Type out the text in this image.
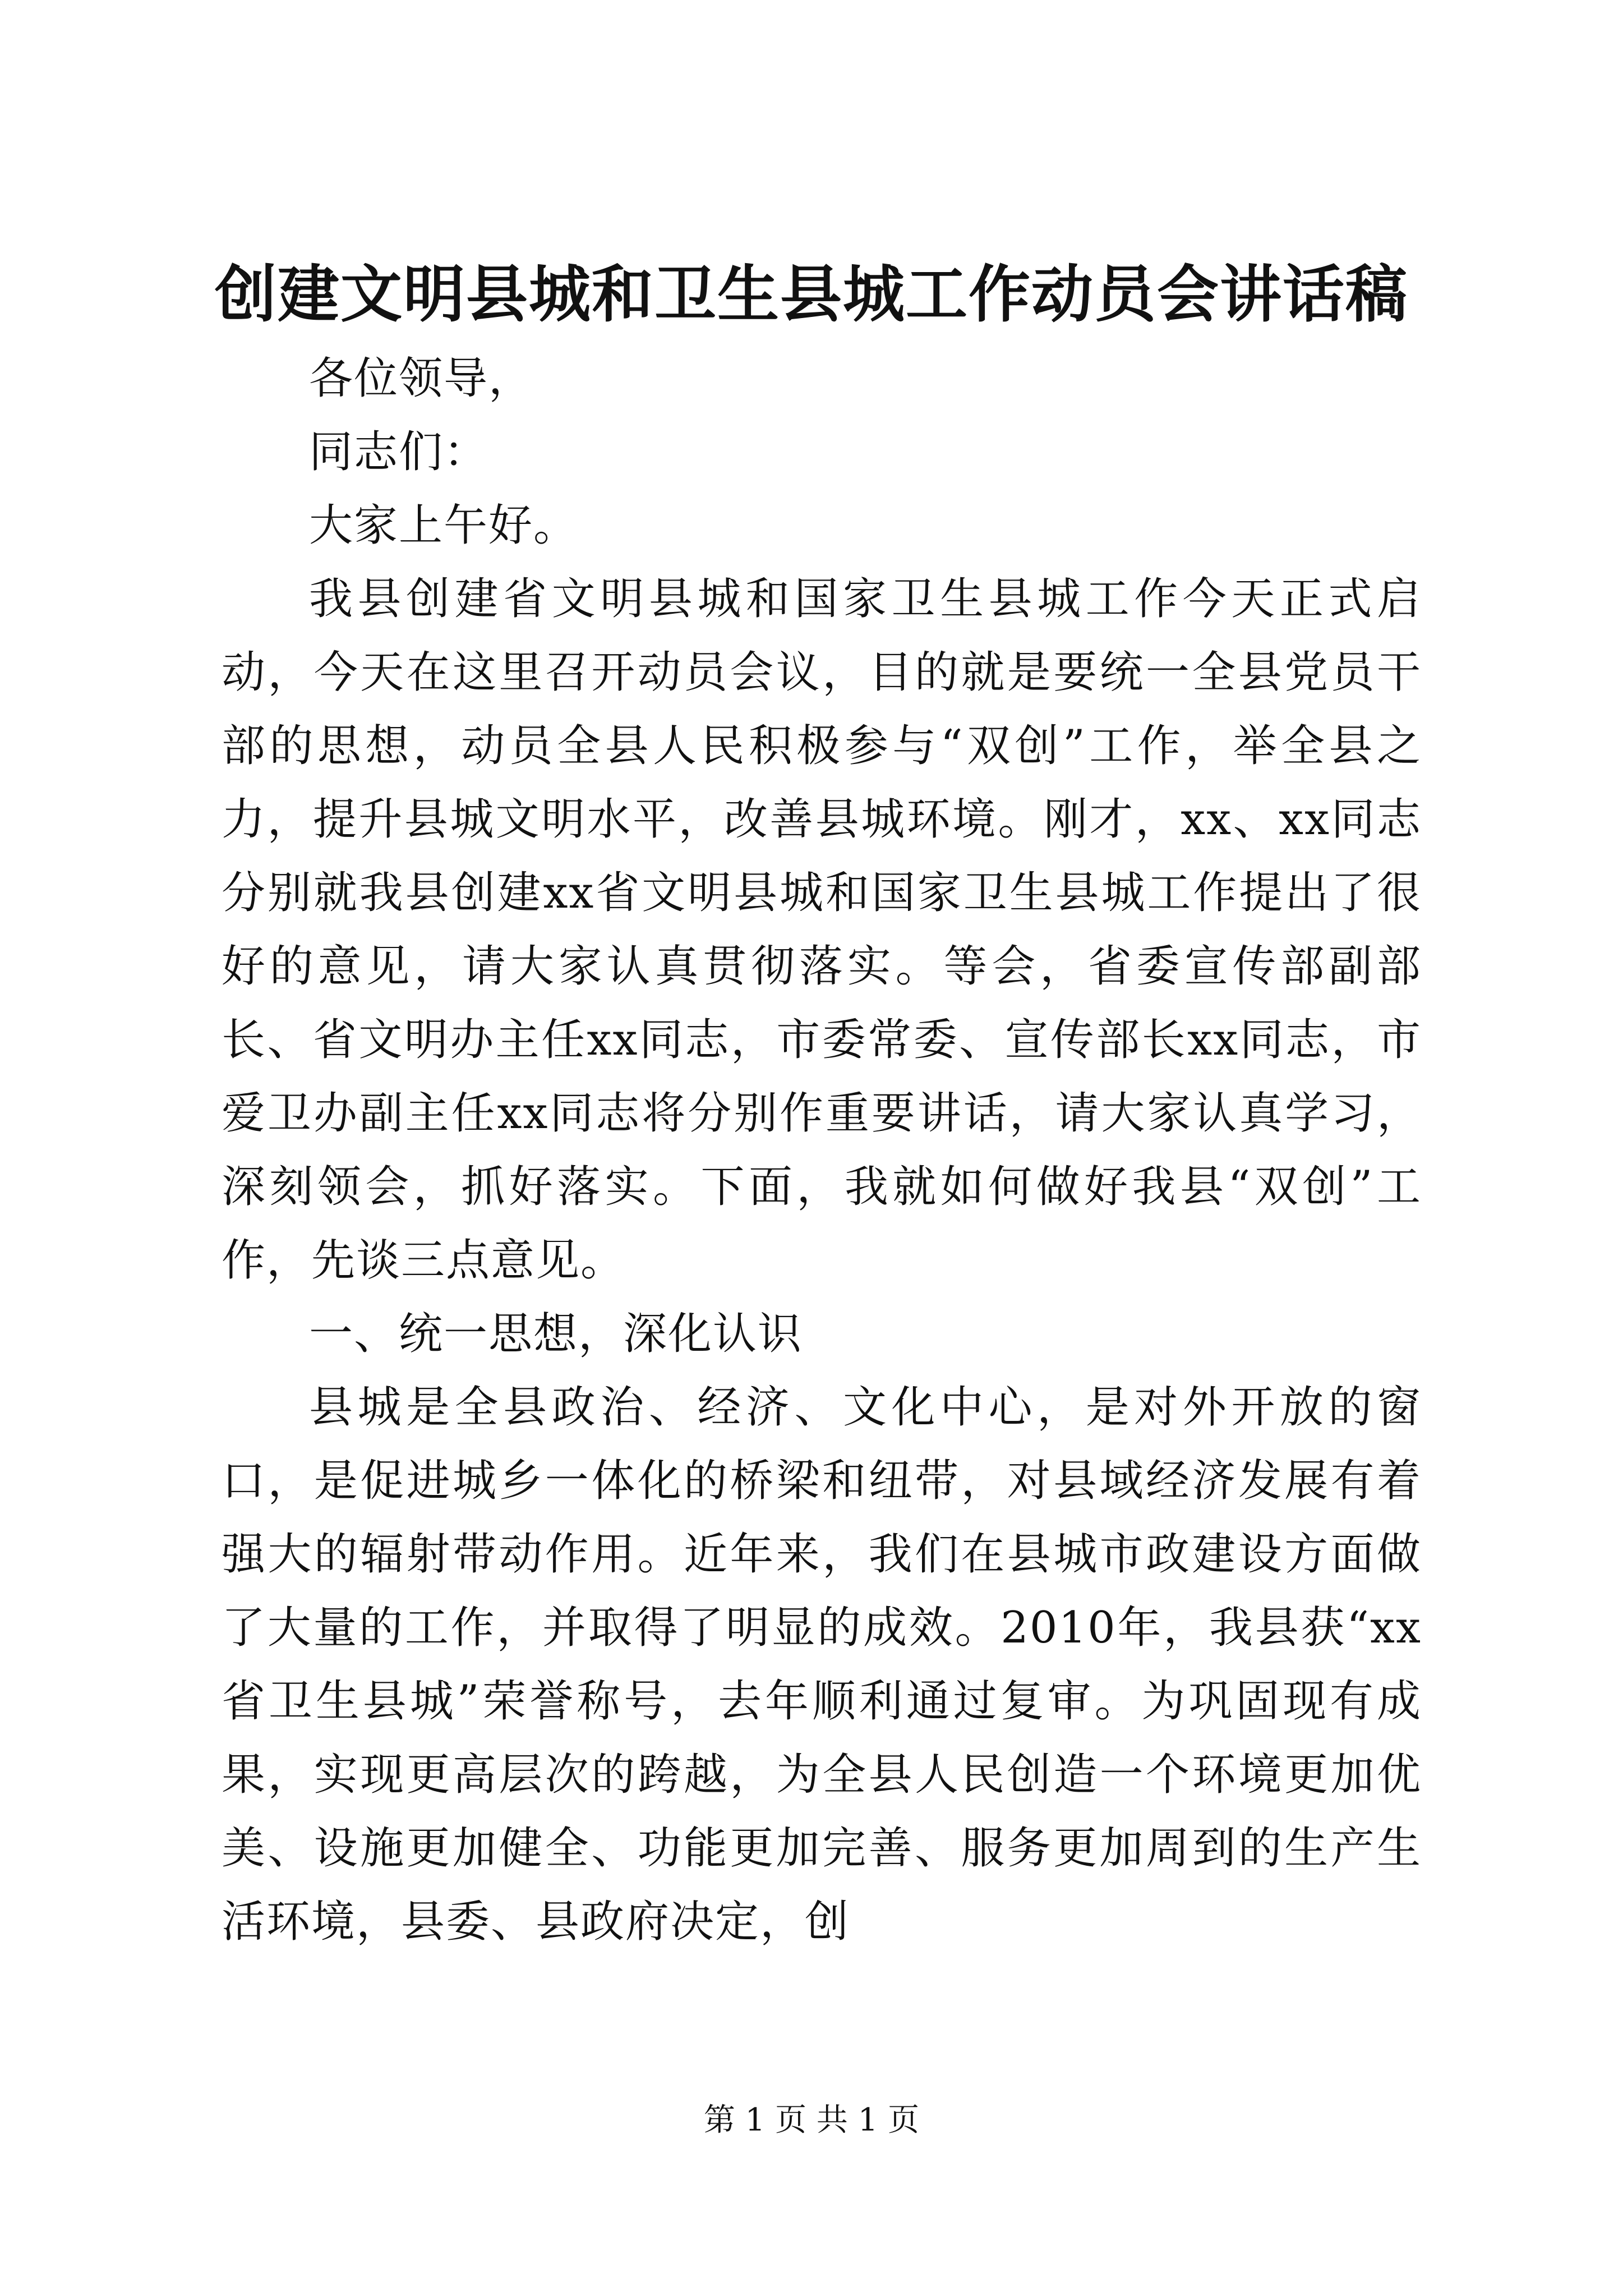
创建文明县城和卫生县城工作动员会讲话稿

各位领导，

同志们：

大家上午好。

我县创建省文明县城和国家卫生县城工作今天正式启动，今天在这里召开动员会议，目的就是要统一全县党员干部的思想，动员全县人民积极参与“双创”工作，举全县之力，提升县城文明水平，改善县城环境。刚才，xx、xx同志分别就我县创建xx省文明县城和国家卫生县城工作提出了很好的意见，请大家认真贯彻落实。等会，省委宣传部副部长、省文明办主任xx同志，市委常委、宣传部长xx同志，市爱卫办副主任xx同志将分别作重要讲话，请大家认真学习，深刻领会，抓好落实。下面，我就如何做好我县“双创”工作，先谈三点意见。

一、统一思想，深化认识

县城是全县政治、经济、文化中心，是对外开放的窗口，是促进城乡一体化的桥梁和纽带，对县域经济发展有着强大的辐射带动作用。近年来，我们在县城市政建设方面做了大量的工作，并取得了明显的成效。2010年，我县获“xx省卫生县城”荣誉称号，去年顺利通过复审。为巩固现有成果，实现更高层次的跨越，为全县人民创造一个环境更加优美、设施更加健全、功能更加完善、服务更加周到的生产生活环境，县委、县政府决定，创

第 1 页 共 1 页
